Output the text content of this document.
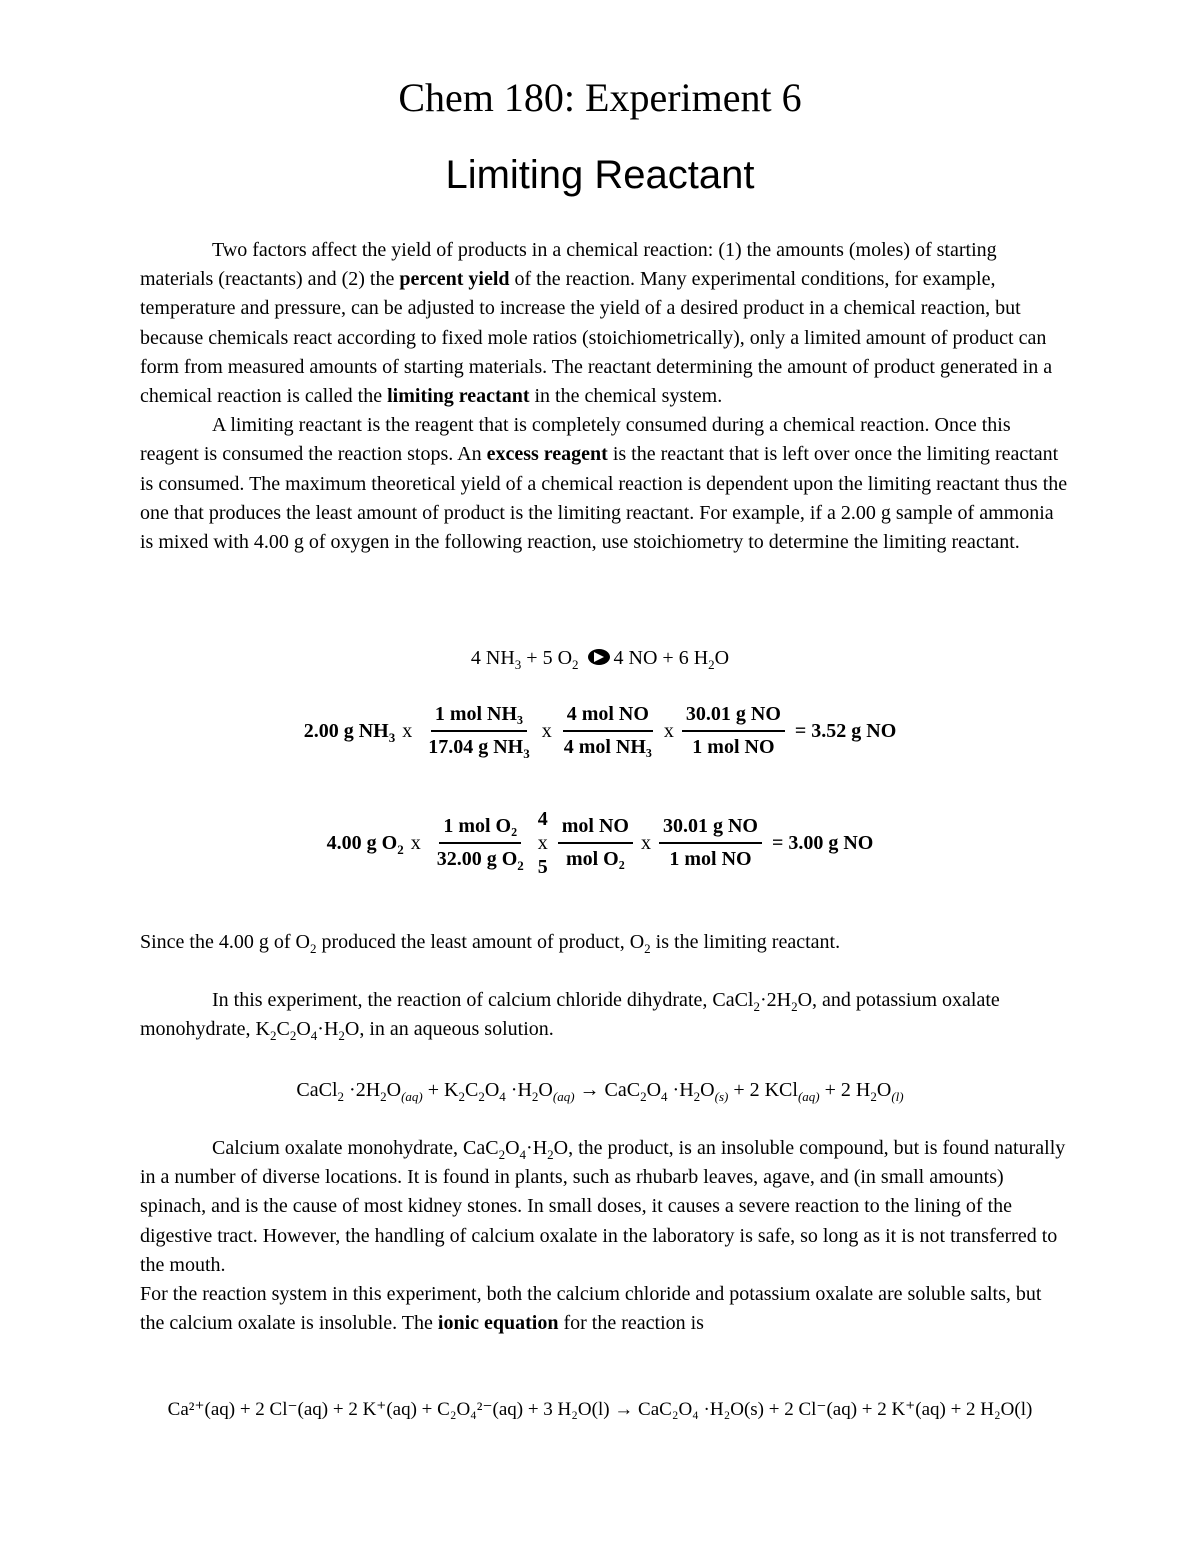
Chem 180: Experiment 6
Limiting Reactant

Two factors affect the yield of products in a chemical reaction: (1) the amounts (moles) of starting materials (reactants) and (2) the percent yield of the reaction. Many experimental conditions, for example, temperature and pressure, can be adjusted to increase the yield of a desired product in a chemical reaction, but because chemicals react according to fixed mole ratios (stoichiometrically), only a limited amount of product can form from measured amounts of starting materials. The reactant determining the amount of product generated in a chemical reaction is called the limiting reactant in the chemical system.

A limiting reactant is the reagent that is completely consumed during a chemical reaction. Once this reagent is consumed the reaction stops. An excess reagent is the reactant that is left over once the limiting reactant is consumed. The maximum theoretical yield of a chemical reaction is dependent upon the limiting reactant thus the one that produces the least amount of product is the limiting reactant. For example, if a 2.00 g sample of ammonia is mixed with 4.00 g of oxygen in the following reaction, use stoichiometry to determine the limiting reactant.

4 $NH_3 + 5$ $O_2$ 4 NO + 6 $H_2O$
2.00 g $NH_3$ x $\frac{\text{1 mol NH₃}}{17.04 g NH_3}$ x $\frac{\text{4 mol NO}}{\text{4 mol NH₃}}$ x $\frac{\text{30.01 g NO}}{\text{1 mol NO}} = 3.52$ g NO
4.00 g $O_2$ x $\frac{\text{1 mol O₂}}{32.00 g O_2} 4$
x
$5 \frac{\text{mol NO}}{\text{mol O₂}}$ x $\frac{\text{30.01 g NO}}{\text{1 mol NO}} = 3.00$ g NO

Since the 4.00 g of $O_2$ produced the least amount of product, $O_2$ is the limiting reactant.

In this experiment, the reaction of calcium chloride dihydrate, $CaCl_2\cdot 2H_2O$, and potassium oxalate monohydrate, $K_2C_2O_4\cdot H_2O$, in an aqueous solution.

CaCl$_2$ $\cdot 2H_2O_{(aq)} + K_2C_2O_4 \cdot H_2O_{(aq)} \to CaC_2O_4 \cdot H_2O_{(s)} + 2$ KCl$_{(aq)}$ + 2 $H_2O_{(l)}$

Calcium oxalate monohydrate, $CaC_2O_4\cdot H_2O$, the product, is an insoluble compound, but is found naturally in a number of diverse locations. It is found in plants, such as rhubarb leaves, agave, and (in small amounts) spinach, and is the cause of most kidney stones. In small doses, it causes a severe reaction to the lining of the digestive tract. However, the handling of calcium oxalate in the laboratory is safe, so long as it is not transferred to the mouth.

For the reaction system in this experiment, both the calcium chloride and potassium oxalate are soluble salts, but the calcium oxalate is insoluble. The ionic equation for the reaction is

Ca²⁺(aq) + 2 Cl⁻(aq) + 2 K⁺(aq) + C₂O₄²⁻(aq) + 3 H₂O(l) → CaC₂O₄ ·H₂O(s) + 2 Cl⁻(aq) + 2 K⁺(aq) + 2 H₂O(l)
